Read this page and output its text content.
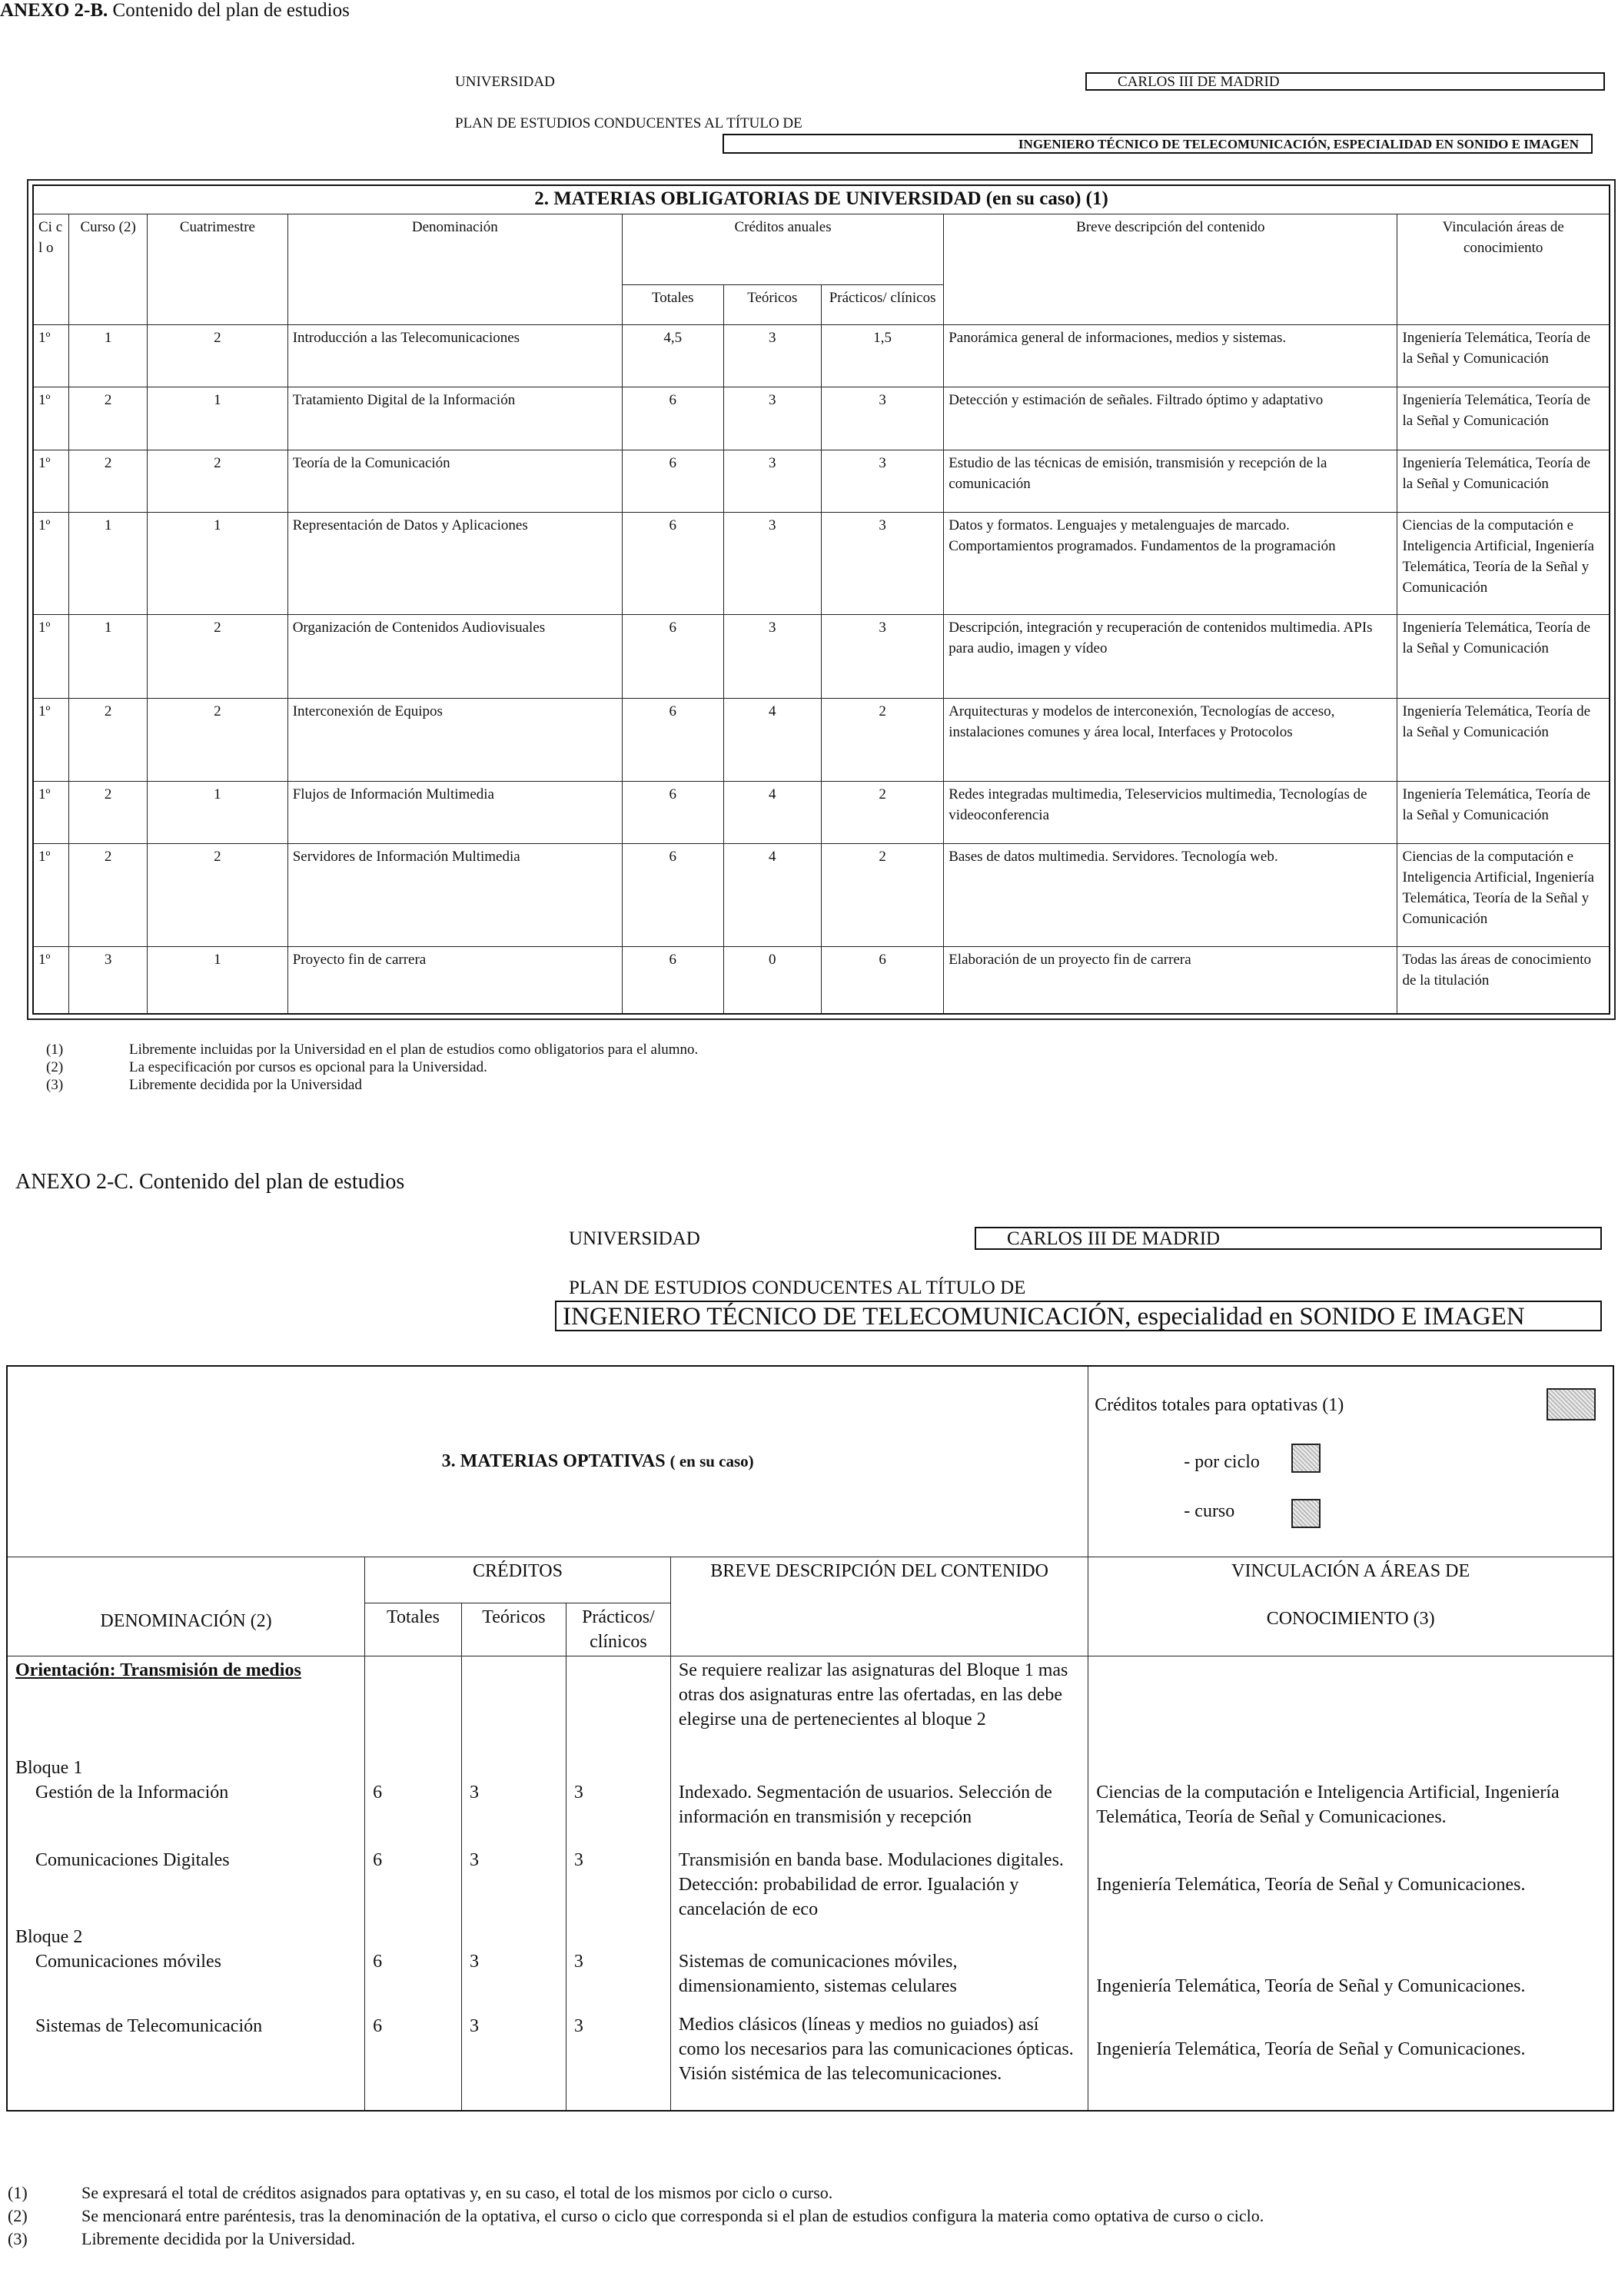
ANEXO 2-B. Contenido del plan de estudios
UNIVERSIDAD	CARLOS III DE MADRID
PLAN DE ESTUDIOS CONDUCENTES AL TÍTULO DE
INGENIERO TÉCNICO DE TELECOMUNICACIÓN, ESPECIALIDAD EN SONIDO E IMAGEN
2. MATERIAS OBLIGATORIAS DE UNIVERSIDAD (en su caso) (1)								
Ci cl o	Curso (2)	Cuatrimestre	Denominación	Créditos anuales			Breve descripción del contenido	Vinculación áreas de conocimiento
				Totales	Teóricos	Prácticos/ clínicos		
1º	1	2	Introducción a las Telecomunicaciones	4,5	3	1,5	Panorámica general de informaciones, medios y sistemas.	Ingeniería Telemática, Teoría de la Señal y Comunicación
1º	2	1	Tratamiento Digital de la Información	6	3	3	Detección y estimación de señales. Filtrado óptimo y adaptativo	Ingeniería Telemática, Teoría de la Señal y Comunicación
1º	2	2	Teoría de la Comunicación	6	3	3	Estudio de las técnicas de emisión, transmisión y recepción de la comunicación	Ingeniería Telemática, Teoría de la Señal y Comunicación
1º	1	1	Representación de Datos y Aplicaciones	6	3	3	Datos y formatos. Lenguajes y metalenguajes de marcado. Comportamientos programados. Fundamentos de la programación	Ciencias de la computación e Inteligencia Artificial, Ingeniería Telemática, Teoría de la Señal y Comunicación
1º	1	2	Organización de Contenidos Audiovisuales	6	3	3	Descripción, integración y recuperación de contenidos multimedia. APIs para audio, imagen y vídeo	Ingeniería Telemática, Teoría de la Señal y Comunicación
1º	2	2	Interconexión de Equipos	6	4	2	Arquitecturas y modelos de interconexión, Tecnologías de acceso, instalaciones comunes y área local, Interfaces y Protocolos	Ingeniería Telemática, Teoría de la Señal y Comunicación
1º	2	1	Flujos de Información Multimedia	6	4	2	Redes integradas multimedia, Teleservicios multimedia, Tecnologías de videoconferencia	Ingeniería Telemática, Teoría de la Señal y Comunicación
1º	2	2	Servidores de Información Multimedia	6	4	2	Bases de datos multimedia. Servidores. Tecnología web.	Ciencias de la computación e Inteligencia Artificial, Ingeniería Telemática, Teoría de la Señal y Comunicación
1º	3	1	Proyecto fin de carrera	6	0	6	Elaboración de un proyecto fin de carrera	Todas las áreas de conocimiento de la titulación
(1)	Libremente incluidas por la Universidad en el plan de estudios como obligatorios para el alumno.
(2)	La especificación por cursos es opcional para la Universidad.
(3)	Libremente decidida por la Universidad
ANEXO 2-C. Contenido del plan de estudios
UNIVERSIDAD	CARLOS III DE MADRID
PLAN DE ESTUDIOS CONDUCENTES AL TÍTULO DE
INGENIERO TÉCNICO DE TELECOMUNICACIÓN, especialidad en SONIDO E IMAGEN
3. MATERIAS OPTATIVAS ( en su caso)					Créditos totales para optativas (1)
- por ciclo
- curso

DENOMINACIÓN (2)	CRÉDITOS			BREVE DESCRIPCIÓN DEL CONTENIDO	VINCULACIÓN A ÁREAS DE
CONOCIMIENTO (3)

	Totales	Teóricos	Prácticos/ clínicos		
Orientación: Transmisión de medios				Se requiere realizar las asignaturas del Bloque 1 mas otras dos asignaturas entre las ofertadas, en las debe elegirse una de pertenecientes al bloque 2	

Bloque 1
Gestión de la Información	6	3	3	Indexado. Segmentación de usuarios. Selección de información en transmisión y recepción	Ciencias de la computación e Inteligencia Artificial, Ingeniería Telemática, Teoría de Señal y Comunicaciones.

Comunicaciones Digitales	6	3	3	Transmisión en banda base. Modulaciones digitales. Detección: probabilidad de error. Igualación y cancelación de eco	Ingeniería Telemática, Teoría de Señal y Comunicaciones.

Bloque 2
Comunicaciones móviles	6	3	3	Sistemas de comunicaciones móviles, dimensionamiento, sistemas celulares	Ingeniería Telemática, Teoría de Señal y Comunicaciones.

Sistemas de Telecomunicación	6	3	3	Medios clásicos (líneas y medios no guiados) así como los necesarios para las comunicaciones ópticas. Visión sistémica de las telecomunicaciones.	Ingeniería Telemática, Teoría de Señal y Comunicaciones.
(1)	Se expresará el total de créditos asignados para optativas y, en su caso, el total de los mismos por ciclo o curso.
(2)	Se mencionará entre paréntesis, tras la denominación de la optativa, el curso o ciclo que corresponda si el plan de estudios configura la materia como optativa de curso o ciclo.
(3)	Libremente decidida por la Universidad.
